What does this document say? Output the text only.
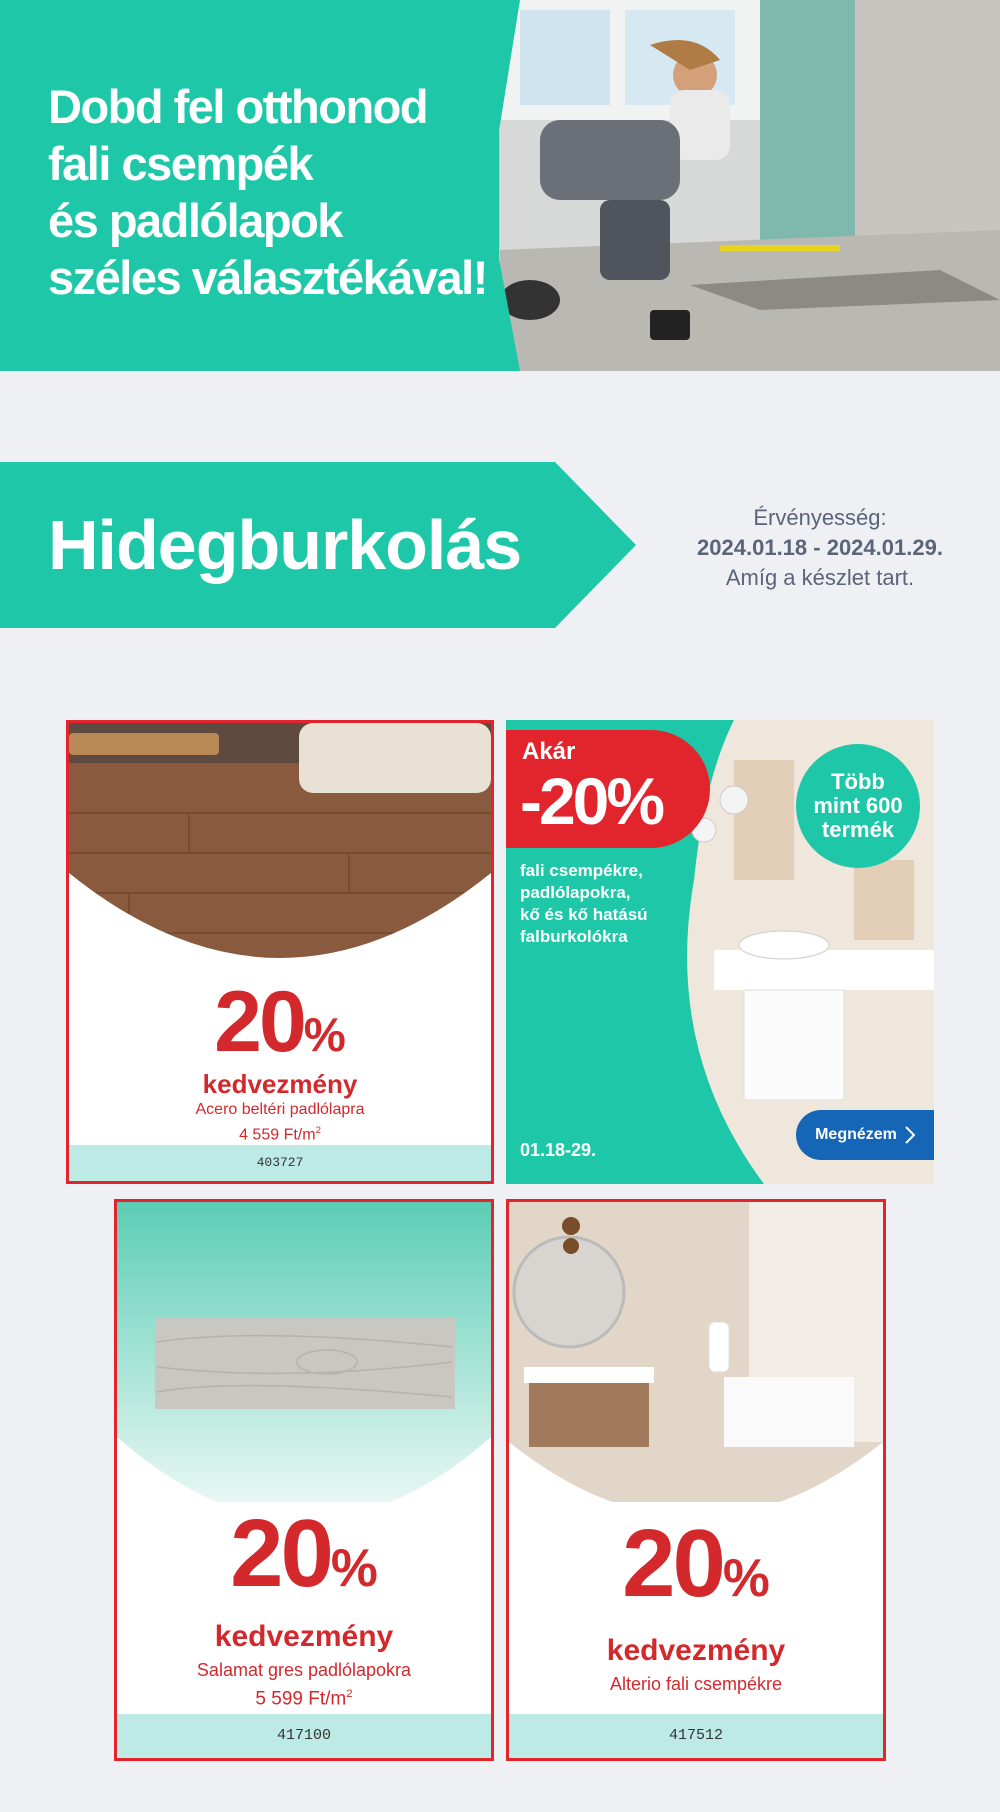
Dobd fel otthonod
fali csempék
és padlólapok
széles választékával!
Hidegburkolás	Érvényesség:
2024.01.18 - 2024.01.29.
Amíg a készlet tart.
20%
kedvezmény
Acero beltéri padlólapra
4 559 $Ft/m^2$
403727
Akár
-20%
fali csempékre,
padlólapokra,
kő és kő hatású
falburkolókra
Több
mint 600
termék
01.18-29.
Megnézem
20%
kedvezmény
Salamat gres padlólapokra
5 599 $Ft/m^2$
417100
20%
kedvezmény
Alterio fali csempékre
417512
